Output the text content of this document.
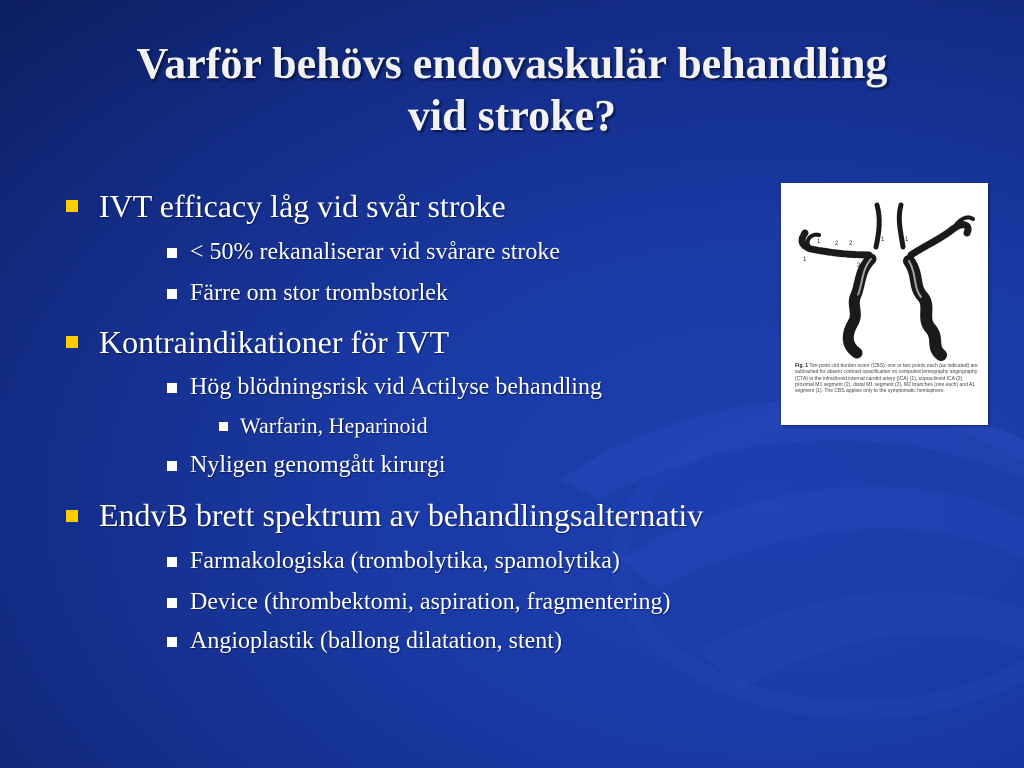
Varför behövs endovaskulär behandling
vid stroke?
IVT efficacy låg vid svår stroke
< 50% rekanaliserar vid svårare stroke
Färre om stor trombstorlek
Kontraindikationer för IVT
Hög blödningsrisk vid Actilyse behandling
Warfarin, Heparinoid
Nyligen genomgått kirurgi
EndvB brett spektrum av behandlingsalternativ
Farmakologiska (trombolytika, spamolytika)
Device (thrombektomi, aspiration, fragmentering)
Angioplastik (ballong dilatation, stent)
1
1
2 2
1	1
2
1
Fig. 1 Ten-point clot burden score (CBS): one or two points each (as indicated) are subtracted for absent contrast opacification on computed tomography angiography (CTA) in the infraclinoid internal carotid artery (ICA) (1), supraclinoid ICA (2), proximal M1 segment (2), distal M1 segment (2), M2 branches (one each) and A1 segment (1). The CBS applies only to the symptomatic hemisphere.
